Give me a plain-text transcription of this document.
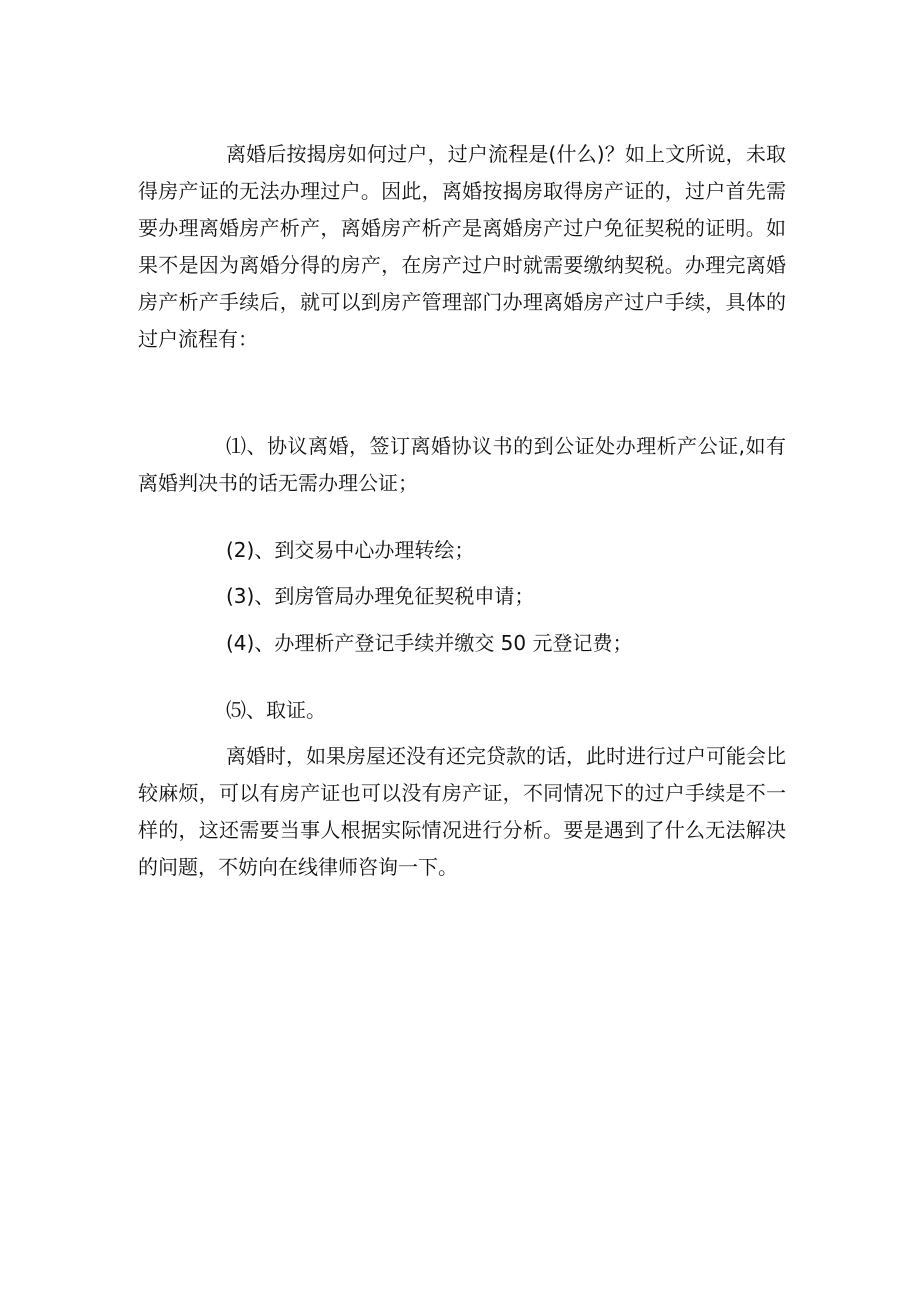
离婚后按揭房如何过户，过户流程是(什么)？如上文所说，未取得房产证的无法办理过户。因此，离婚按揭房取得房产证的，过户首先需要办理离婚房产析产，离婚房产析产是离婚房产过户免征契税的证明。如果不是因为离婚分得的房产，在房产过户时就需要缴纳契税。办理完离婚房产析产手续后，就可以到房产管理部门办理离婚房产过户手续，具体的过户流程有：

⑴、协议离婚，签订离婚协议书的到公证处办理析产公证,如有离婚判决书的话无需办理公证；

(2)、到交易中心办理转绘；

(3)、到房管局办理免征契税申请；

(4)、办理析产登记手续并缴交 50 元登记费；

⑸、取证。

离婚时，如果房屋还没有还完贷款的话，此时进行过户可能会比较麻烦，可以有房产证也可以没有房产证，不同情况下的过户手续是不一样的，这还需要当事人根据实际情况进行分析。要是遇到了什么无法解决的问题，不妨向在线律师咨询一下。
